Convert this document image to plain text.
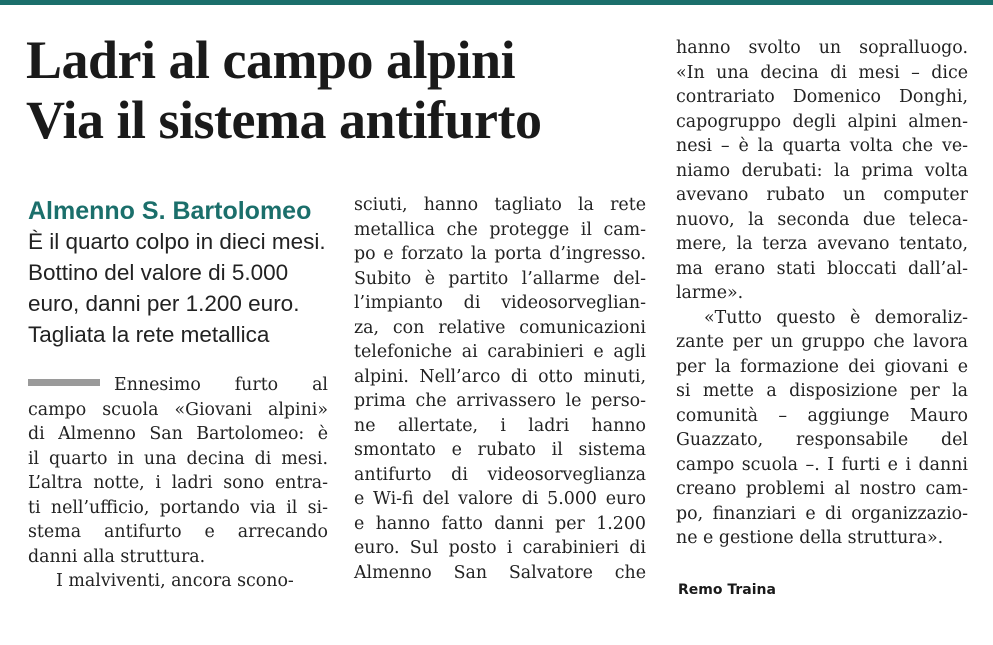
Ladri al campo alpini
Via il sistema antifurto
Almenno S. Bartolomeo
È il quarto colpo in dieci mesi.
Bottino del valore di 5.000
euro, danni per 1.200 euro.
Tagliata la rete metallica
Ennesimo furto al
campo scuola «Giovani alpini»
di Almenno San Bartolomeo: è
il quarto in una decina di mesi.
L’altra notte, i ladri sono entra-
ti nell’ufficio, portando via il si-
stema antifurto e arrecando
danni alla struttura.
I malviventi, ancora scono-
sciuti, hanno tagliato la rete
metallica che protegge il cam-
po e forzato la porta d’ingresso.
Subito è partito l’allarme del-
l’impianto di videosorveglian-
za, con relative comunicazioni
telefoniche ai carabinieri e agli
alpini. Nell’arco di otto minuti,
prima che arrivassero le perso-
ne allertate, i ladri hanno
smontato e rubato il sistema
antifurto di videosorveglianza
e Wi-fi del valore di 5.000 euro
e hanno fatto danni per 1.200
euro. Sul posto i carabinieri di
Almenno San Salvatore che
hanno svolto un sopralluogo.
«In una decina di mesi – dice
contrariato Domenico Donghi,
capogruppo degli alpini almen-
nesi – è la quarta volta che ve-
niamo derubati: la prima volta
avevano rubato un computer
nuovo, la seconda due telecа-
mere, la terza avevano tentato,
ma erano stati bloccati dall’al-
larme».
«Tutto questo è demoraliz-
zante per un gruppo che lavora
per la formazione dei giovani e
si mette a disposizione per la
comunità – aggiunge Mauro
Guazzato, responsabile del
campo scuola –. I furti e i danni
creano problemi al nostro cam-
po, finanziari e di organizzazio-
ne e gestione della struttura».
Remo Traina
